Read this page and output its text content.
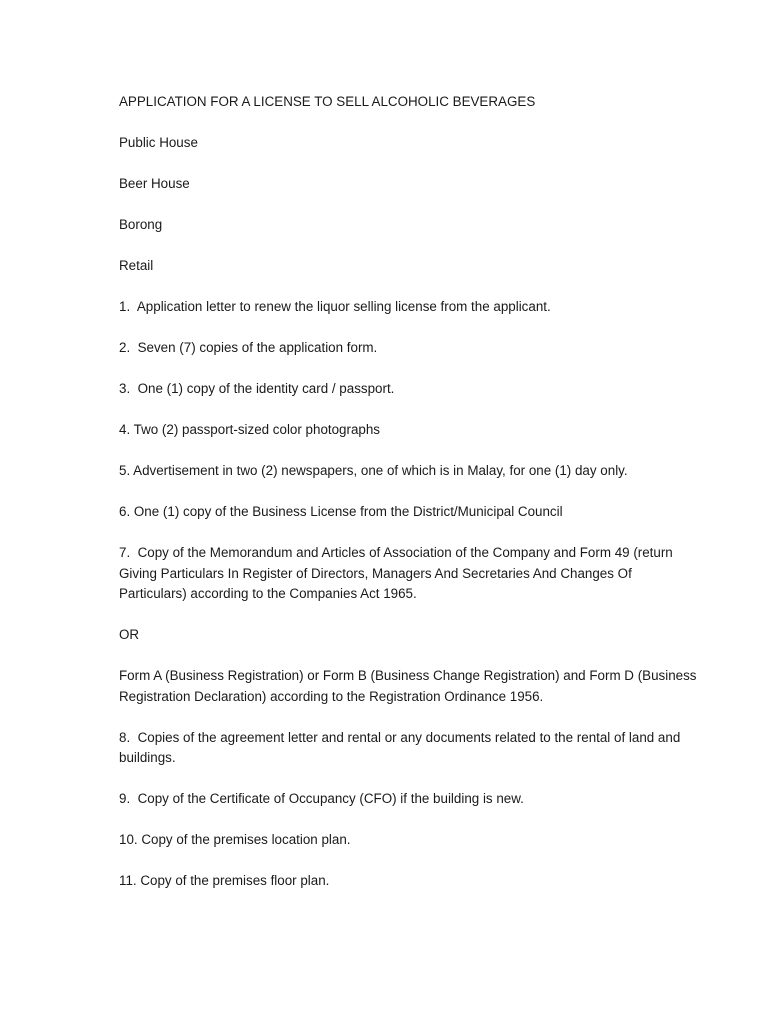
APPLICATION FOR A LICENSE TO SELL ALCOHOLIC BEVERAGES

Public House

Beer House

Borong

Retail

1.  Application letter to renew the liquor selling license from the applicant.

2.  Seven (7) copies of the application form.

3.  One (1) copy of the identity card / passport.

4. Two (2) passport-sized color photographs

5. Advertisement in two (2) newspapers, one of which is in Malay, for one (1) day only.

6. One (1) copy of the Business License from the District/Municipal Council

7.  Copy of the Memorandum and Articles of Association of the Company and Form 49 (return Giving Particulars In Register of Directors, Managers And Secretaries And Changes Of Particulars) according to the Companies Act 1965.

OR

Form A (Business Registration) or Form B (Business Change Registration) and Form D (Business Registration Declaration) according to the Registration Ordinance 1956.

8.  Copies of the agreement letter and rental or any documents related to the rental of land and buildings.

9.  Copy of the Certificate of Occupancy (CFO) if the building is new.

10. Copy of the premises location plan.

11. Copy of the premises floor plan.
